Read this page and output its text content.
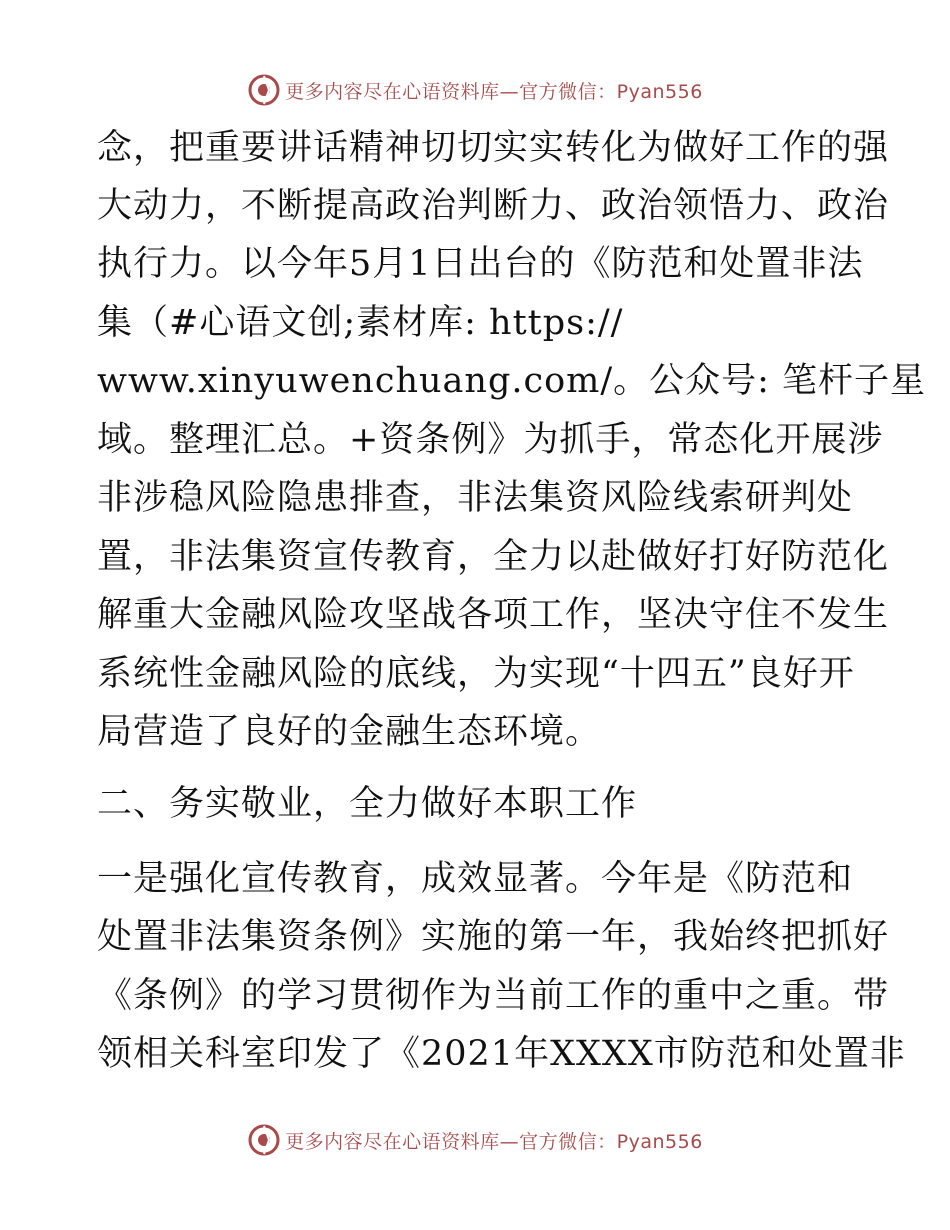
更多内容尽在心语资料库—官方微信：Pyan556
念，把重要讲话精神切切实实转化为做好工作的强
大动力，不断提高政治判断力、政治领悟力、政治
执行力。以今年5月1日出台的《防范和处置非法
集（#心语文创;素材库: https://
www.xinyuwenchuang.com/。公众号: 笔杆子星
域。整理汇总。+资条例》为抓手，常态化开展涉
非涉稳风险隐患排查，非法集资风险线索研判处
置，非法集资宣传教育，全力以赴做好打好防范化
解重大金融风险攻坚战各项工作，坚决守住不发生
系统性金融风险的底线，为实现“十四五”良好开
局营造了良好的金融生态环境。
二、务实敬业，全力做好本职工作
一是强化宣传教育，成效显著。今年是《防范和
处置非法集资条例》实施的第一年，我始终把抓好
《条例》的学习贯彻作为当前工作的重中之重。带
领相关科室印发了《2021年XXXX市防范和处置非
更多内容尽在心语资料库—官方微信：Pyan556
